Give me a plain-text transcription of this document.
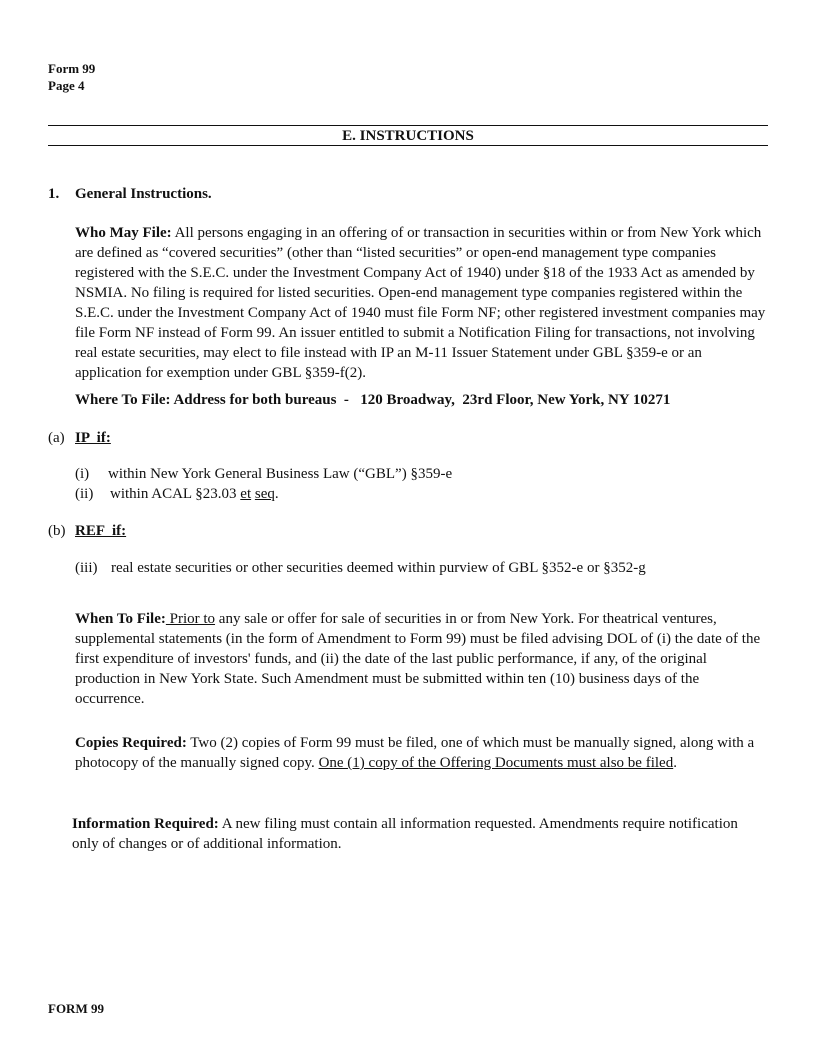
Form 99
Page 4
E. INSTRUCTIONS
1. General Instructions.
Who May File: All persons engaging in an offering of or transaction in securities within or from New York which are defined as “covered securities” (other than “listed securities” or open-end management type companies registered with the S.E.C. under the Investment Company Act of 1940) under §18 of the 1933 Act as amended by NSMIA. No filing is required for listed securities. Open-end management type companies registered within the S.E.C. under the Investment Company Act of 1940 must file Form NF; other registered investment companies may file Form NF instead of Form 99. An issuer entitled to submit a Notification Filing for transactions, not involving real estate securities, may elect to file instead with IP an M-11 Issuer Statement under GBL §359-e or an application for exemption under GBL §359-f(2).
Where To File: Address for both bureaus  - 120 Broadway,  23rd Floor, New York, NY 10271
(a) IP  if:
(i) within New York General Business Law (“GBL”) §359-e
(ii) within ACAL §23.03 et seq.
(b) REF  if:
(iii) real estate securities or other securities deemed within purview of GBL §352-e or §352-g
When To File: Prior to any sale or offer for sale of securities in or from New York. For theatrical ventures, supplemental statements (in the form of Amendment to Form 99) must be filed advising DOL of (i) the date of the first expenditure of investors' funds, and (ii) the date of the last public performance, if any, of the original production in New York State. Such Amendment must be submitted within ten (10) business days of the occurrence.
Copies Required: Two (2) copies of Form 99 must be filed, one of which must be manually signed, along with a photocopy of the manually signed copy. One (1) copy of the Offering Documents must also be filed.
Information Required: A new filing must contain all information requested. Amendments require notification only of changes or of additional information.
FORM 99
